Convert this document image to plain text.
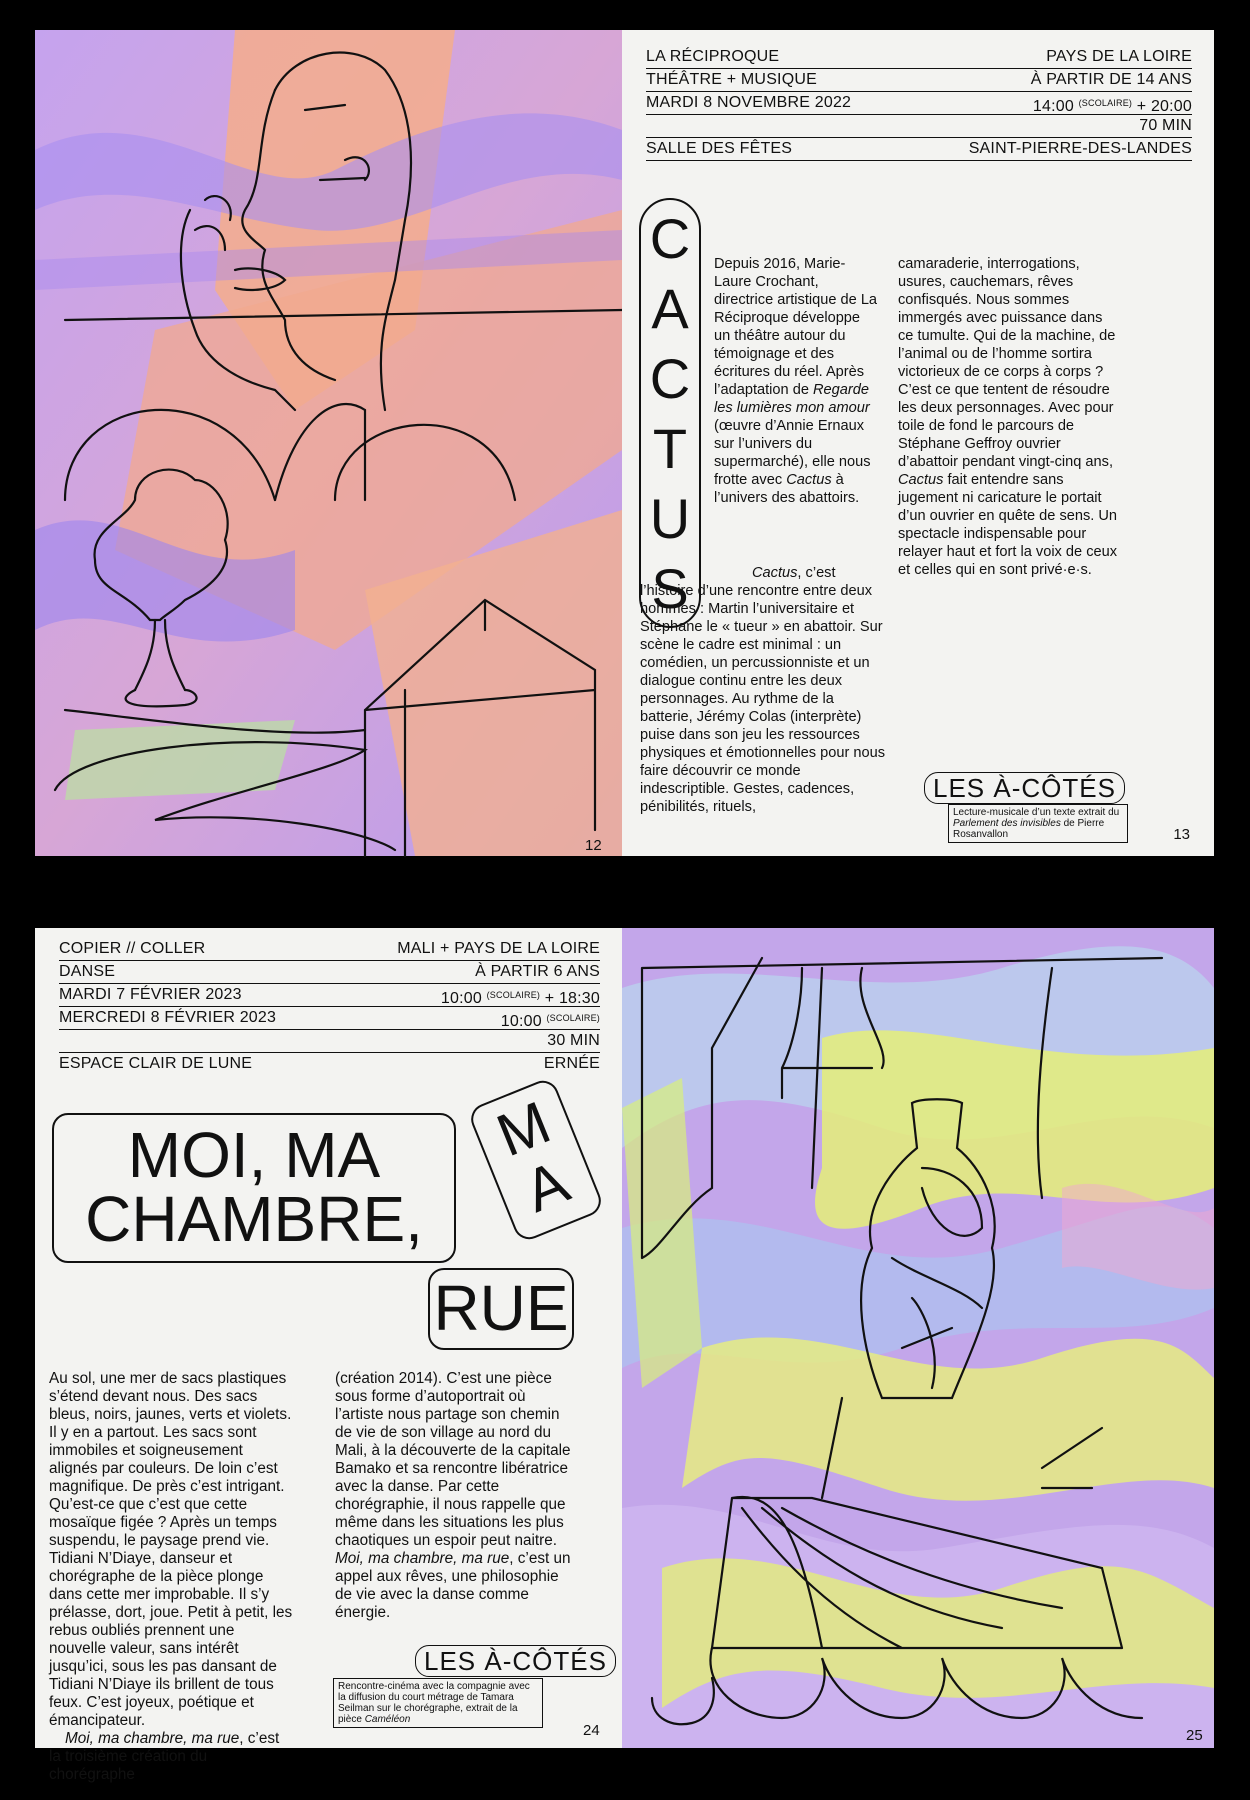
12
LA RÉCIPROQUE	PAYS DE LA LOIRE
THÉÂTRE + MUSIQUE	À PARTIR DE 14 ANS
MARDI 8 NOVEMBRE 2022	14:00 $^{(SCOLAIRE)}$ + 20:00
70 MIN
SALLE DES FÊTES	SAINT-PIERRE-DES-LANDES
C
A
C
T
U
S

Depuis 2016, Marie-Laure Crochant, directrice artistique de La Réciproque développe un théâtre autour du témoignage et des écritures du réel. Après l’adaptation de Regarde les lumières mon amour (œuvre d’Annie Ernaux sur l’univers du supermarché), elle nous frotte avec Cactus à l’univers des abattoirs.

Cactus, c’est l’histoire d’une rencontre entre deux hommes : Martin l’universitaire et Stéphane le « tueur » en abattoir. Sur scène le cadre est minimal : un comédien, un percussionniste et un dialogue continu entre les deux personnages. Au rythme de la batterie, Jérémy Colas (interprète) puise dans son jeu les ressources physiques et émotionnelles pour nous faire découvrir ce monde indescriptible. Gestes, cadences, pénibilités, rituels,

camaraderie, interrogations, usures, cauchemars, rêves confisqués. Nous sommes immergés avec puissance dans ce tumulte. Qui de la machine, de l’animal ou de l’homme sortira victorieux de ce corps à corps ? C’est ce que tentent de résoudre les deux personnages. Avec pour toile de fond le parcours de Stéphane Geffroy ouvrier d’abattoir pendant vingt-cinq ans, Cactus fait entendre sans jugement ni caricature le portait d’un ouvrier en quête de sens. Un spectacle indispensable pour relayer haut et fort la voix de ceux et celles qui en sont privé·e·s.

LES À-CÔTÉS
Lecture-musicale d’un texte extrait du Parlement des invisibles de Pierre Rosanvallon	13
COPIER // COLLER	MALI + PAYS DE LA LOIRE
DANSE	À PARTIR 6 ANS
MARDI 7 FÉVRIER 2023	10:00 $^{(SCOLAIRE)}$ + 18:30
MERCREDI 8 FÉVRIER 2023	10:00 $^{(SCOLAIRE)}$
30 MIN
ESPACE CLAIR DE LUNE	ERNÉE
MOI, MA
CHAMBRE,
M
A
RUE

Au sol, une mer de sacs plastiques s’étend devant nous. Des sacs bleus, noirs, jaunes, verts et violets. Il y en a partout. Les sacs sont immobiles et soigneusement alignés par couleurs. De loin c’est magnifique. De près c’est intrigant. Qu’est-ce que c’est que cette mosaïque figée ? Après un temps suspendu, le paysage prend vie. Tidiani N’Diaye, danseur et chorégraphe de la pièce plonge dans cette mer improbable. Il s’y prélasse, dort, joue. Petit à petit, les rebus oubliés prennent une nouvelle valeur, sans intérêt jusqu’ici, sous les pas dansant de Tidiani N’Diaye ils brillent de tous feux. C’est joyeux, poétique et émancipateur.
Moi, ma chambre, ma rue, c’est la troisième création du chorégraphe

(création 2014). C’est une pièce sous forme d’autoportrait où l’artiste nous partage son chemin de vie de son village au nord du Mali, à la découverte de la capitale Bamako et sa rencontre libératrice avec la danse. Par cette chorégraphie, il nous rappelle que même dans les situations les plus chaotiques un espoir peut naitre. Moi, ma chambre, ma rue, c’est un appel aux rêves, une philosophie de vie avec la danse comme énergie.

LES À-CÔTÉS
Rencontre-cinéma avec la compagnie avec la diffusion du court métrage de Tamara Seilman sur le chorégraphe, extrait de la pièce Caméléon
24	25
